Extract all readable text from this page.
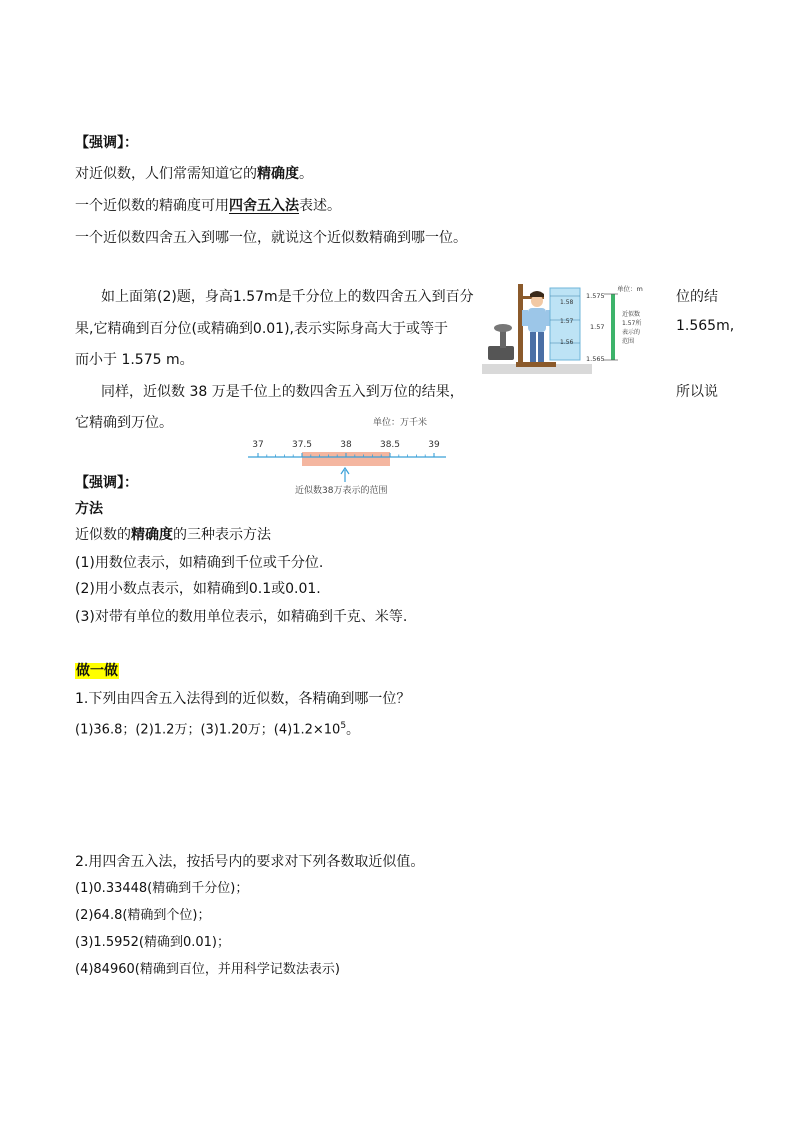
【强调】：
对近似数，人们常需知道它的精确度。
一个近似数的精确度可用四舍五入法表述。
一个近似数四舍五入到哪一位，就说这个近似数精确到哪一位。
如上面第(2)题，身高1.57m是千分位上的数四舍五入到百分	位的结
果,它精确到百分位(或精确到0.01),表示实际身高大于或等于	1.565m,
而小于 1.575 m。
1.58
1.57
1.56
1.575
1.57
1.565
单位：m
近似数
1.57所
表示的
范围
同样，近似数 38 万是千位上的数四舍五入到万位的结果，	所以说
它精确到万位。	单位：万千米
37	37.5	38	38.5	39
近似数38万表示的范围
【强调】：
方法
近似数的精确度的三种表示方法
(1)用数位表示，如精确到千位或千分位.
(2)用小数点表示，如精确到0.1或0.01.
(3)对带有单位的数用单位表示，如精确到千克、米等.
做一做
1.下列由四舍五入法得到的近似数，各精确到哪一位？
(1)36.8；(2)1.2万；(3)1.20万；$(4)1.2\times 10^5$。
2.用四舍五入法，按括号内的要求对下列各数取近似值。
(1)0.33448(精确到千分位)；
(2)64.8(精确到个位)；
(3)1.5952(精确到0.01)；
(4)84960(精确到百位，并用科学记数法表示)
